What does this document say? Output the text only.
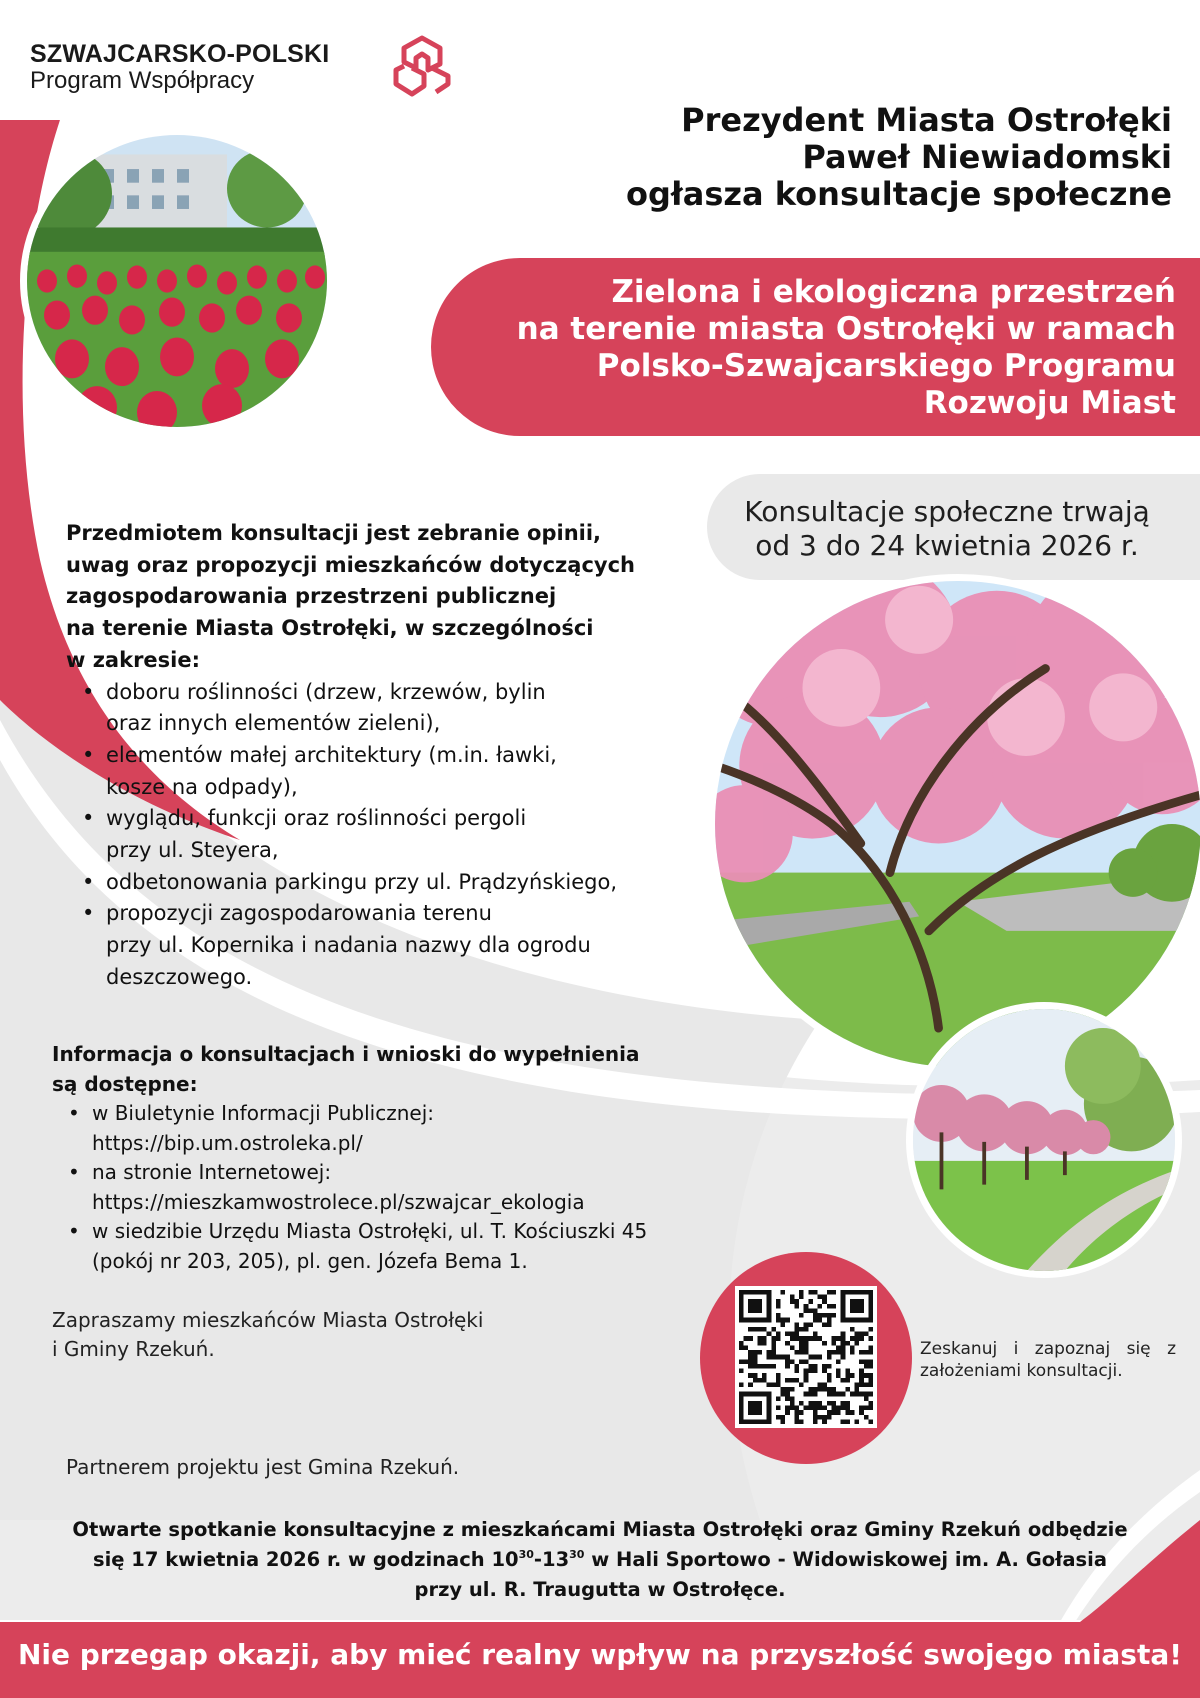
SZWAJCARSKO-POLSKI
Program Współpracy
Prezydent Miasta Ostrołęki
Paweł Niewiadomski
ogłasza konsultacje społeczne
Zielona i ekologiczna przestrzeń
na terenie miasta Ostrołęki w ramach
Polsko-Szwajcarskiego Programu
Rozwoju Miast
Konsultacje społeczne trwają
od 3 do 24 kwietnia 2026 r.
Przedmiotem konsultacji jest zebranie opinii,
uwag oraz propozycji mieszkańców dotyczących
zagospodarowania przestrzeni publicznej
na terenie Miasta Ostrołęki, w szczególności
w zakresie:
• doboru roślinności (drzew, krzewów, bylin
oraz innych elementów zieleni),
• elementów małej architektury (m.in. ławki,
kosze na odpady),
• wyglądu, funkcji oraz roślinności pergoli
przy ul. Steyera,
• odbetonowania parkingu przy ul. Prądzyńskiego,
• propozycji zagospodarowania terenu
przy ul. Kopernika i nadania nazwy dla ogrodu
deszczowego.
Informacja o konsultacjach i wnioski do wypełnienia
są dostępne:
• w Biuletynie Informacji Publicznej:
https://bip.um.ostroleka.pl/
• na stronie Internetowej:
https://mieszkamwostrolece.pl/szwajcar_ekologia
• w siedzibie Urzędu Miasta Ostrołęki, ul. T. Kościuszki 45
(pokój nr 203, 205), pl. gen. Józefa Bema 1.
Zapraszamy mieszkańców Miasta Ostrołęki
i Gminy Rzekuń.	Zeskanuj i zapoznaj się z założeniami konsultacji.
Partnerem projektu jest Gmina Rzekuń.
Otwarte spotkanie konsultacyjne z mieszkańcami Miasta Ostrołęki oraz Gminy Rzekuń odbędzie
się 17 kwietnia 2026 r. w godzinach $10^{30}-13^{30}$ w Hali Sportowo - Widowiskowej im. A. Gołasia
przy ul. R. Traugutta w Ostrołęce.
Nie przegap okazji, aby mieć realny wpływ na przyszłość swojego miasta!
